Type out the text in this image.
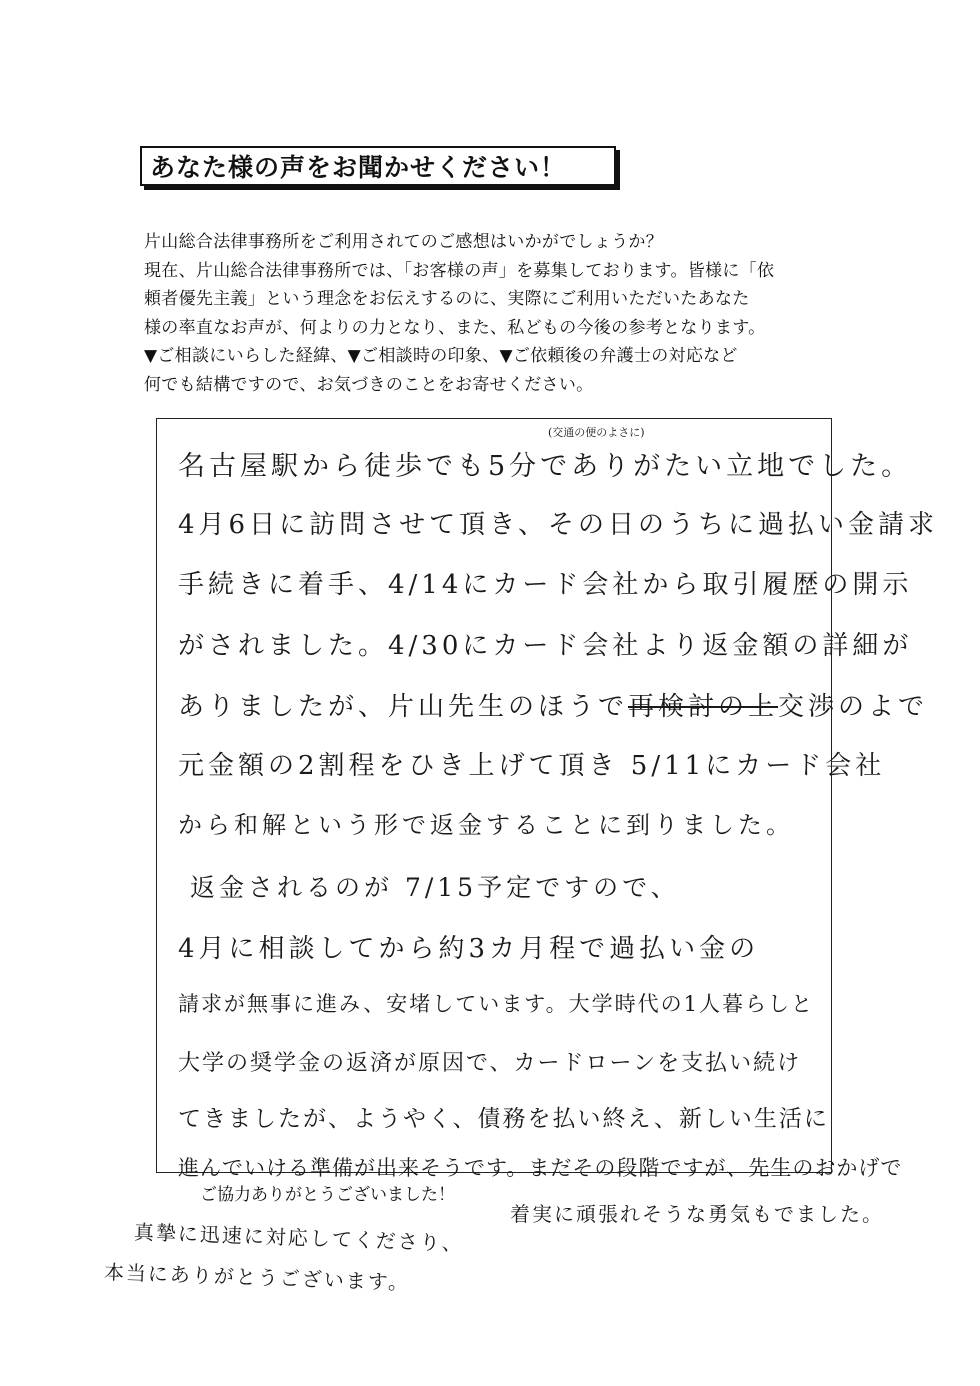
あなた様の声をお聞かせください！
片山総合法律事務所をご利用されてのご感想はいかがでしょうか？
現在、片山総合法律事務所では、「お客様の声」を募集しております。皆様に「依
頼者優先主義」という理念をお伝えするのに、実際にご利用いただいたあなた
様の率直なお声が、何よりの力となり、また、私どもの今後の参考となります。
▼ご相談にいらした経緯、▼ご相談時の印象、▼ご依頼後の弁護士の対応など
何でも結構ですので、お気づきのことをお寄せください。
(交通の便のよさに)
名古屋駅から徒歩でも5分でありがたい立地でした。
4月6日に訪問させて頂き、その日のうちに過払い金請求
手続きに着手、4/14にカード会社から取引履歴の開示
がされました。4/30にカード会社より返金額の詳細が
ありましたが、片山先生のほうで再検討の上交渉のよで
元金額の2割程をひき上げて頂き 5/11にカード会社
から和解という形で返金することに到りました。
返金されるのが 7/15予定ですので、
4月に相談してから約3カ月程で過払い金の
請求が無事に進み、安堵しています。大学時代の1人暮らしと
大学の奨学金の返済が原因で、カードローンを支払い続け
てきましたが、ようやく、債務を払い終え、新しい生活に
進んでいける準備が出来そうです。まだその段階ですが、先生のおかげで
ご協力ありがとうございました！
着実に頑張れそうな勇気もでました。
真摯に迅速に対応してくださり、
本当にありがとうございます。
